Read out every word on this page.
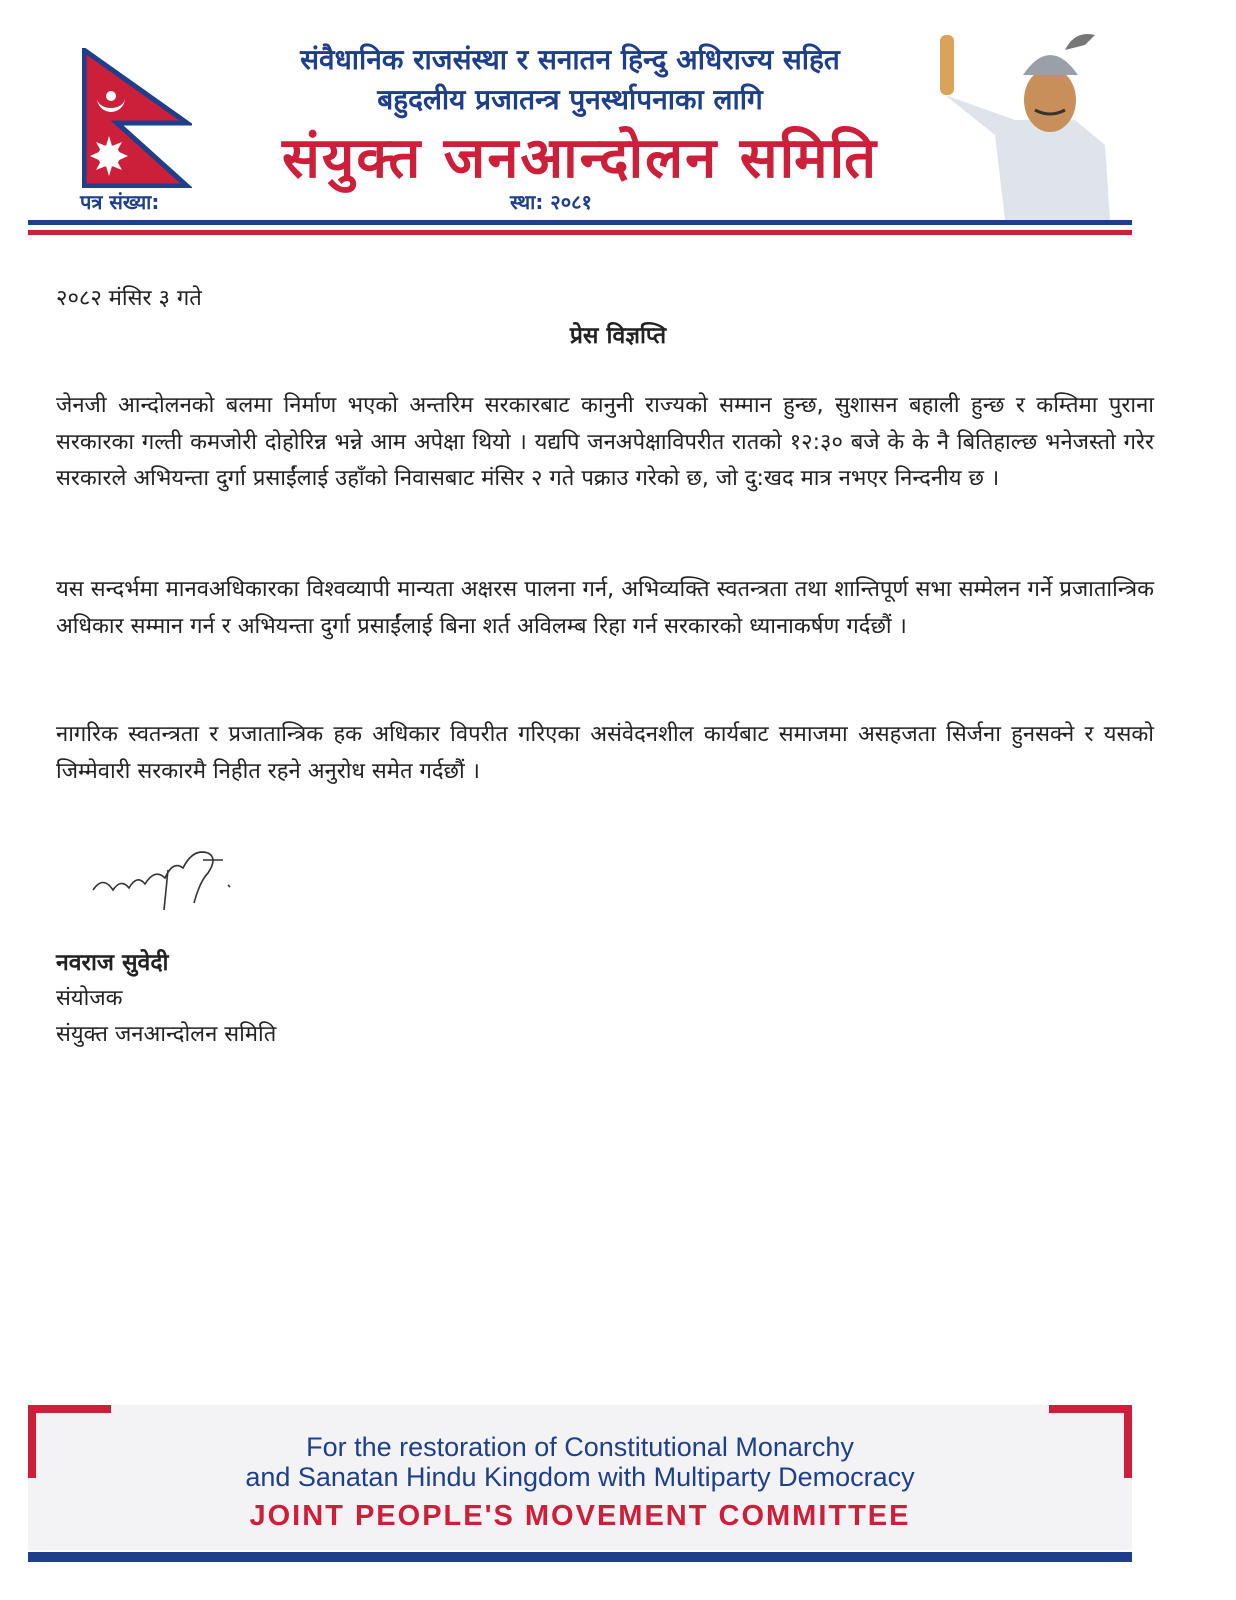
संवैधानिक राजसंस्था र सनातन हिन्दु अधिराज्य सहित
बहुदलीय प्रजातन्त्र पुनर्स्थापनाका लागि
संयुक्त जनआन्दोलन समिति
पत्र संख्या:	स्था: २०८१
२०८२ मंसिर ३ गते
प्रेस विज्ञप्ति
जेनजी आन्दोलनको बलमा निर्माण भएको अन्तरिम सरकारबाट कानुनी राज्यको सम्मान हुन्छ, सुशासन बहाली हुन्छ र कम्तिमा पुराना सरकारका गल्ती कमजोरी दोहोरिन्न भन्ने आम अपेक्षा थियो । यद्यपि जनअपेक्षाविपरीत रातको १२:३० बजे के के नै बितिहाल्छ भनेजस्तो गरेर सरकारले अभियन्ता दुर्गा प्रसाईंलाई उहाँको निवासबाट मंसिर २ गते पक्राउ गरेको छ, जो दु:खद मात्र नभएर निन्दनीय छ ।
यस सन्दर्भमा मानवअधिकारका विश्वव्यापी मान्यता अक्षरस पालना गर्न, अभिव्यक्ति स्वतन्त्रता तथा शान्तिपूर्ण सभा सम्मेलन गर्ने प्रजातान्त्रिक अधिकार सम्मान गर्न र अभियन्ता दुर्गा प्रसाईंलाई बिना शर्त अविलम्ब रिहा गर्न सरकारको ध्यानाकर्षण गर्दछौं ।
नागरिक स्वतन्त्रता र प्रजातान्त्रिक हक अधिकार विपरीत गरिएका असंवेदनशील कार्यबाट समाजमा असहजता सिर्जना हुनसक्ने र यसको जिम्मेवारी सरकारमै निहीत रहने अनुरोध समेत गर्दछौं ।
नवराज सुवेदी
संयोजक
संयुक्त जनआन्दोलन समिति
For the restoration of Constitutional Monarchy
and Sanatan Hindu Kingdom with Multiparty Democracy
JOINT PEOPLE'S MOVEMENT COMMITTEE
